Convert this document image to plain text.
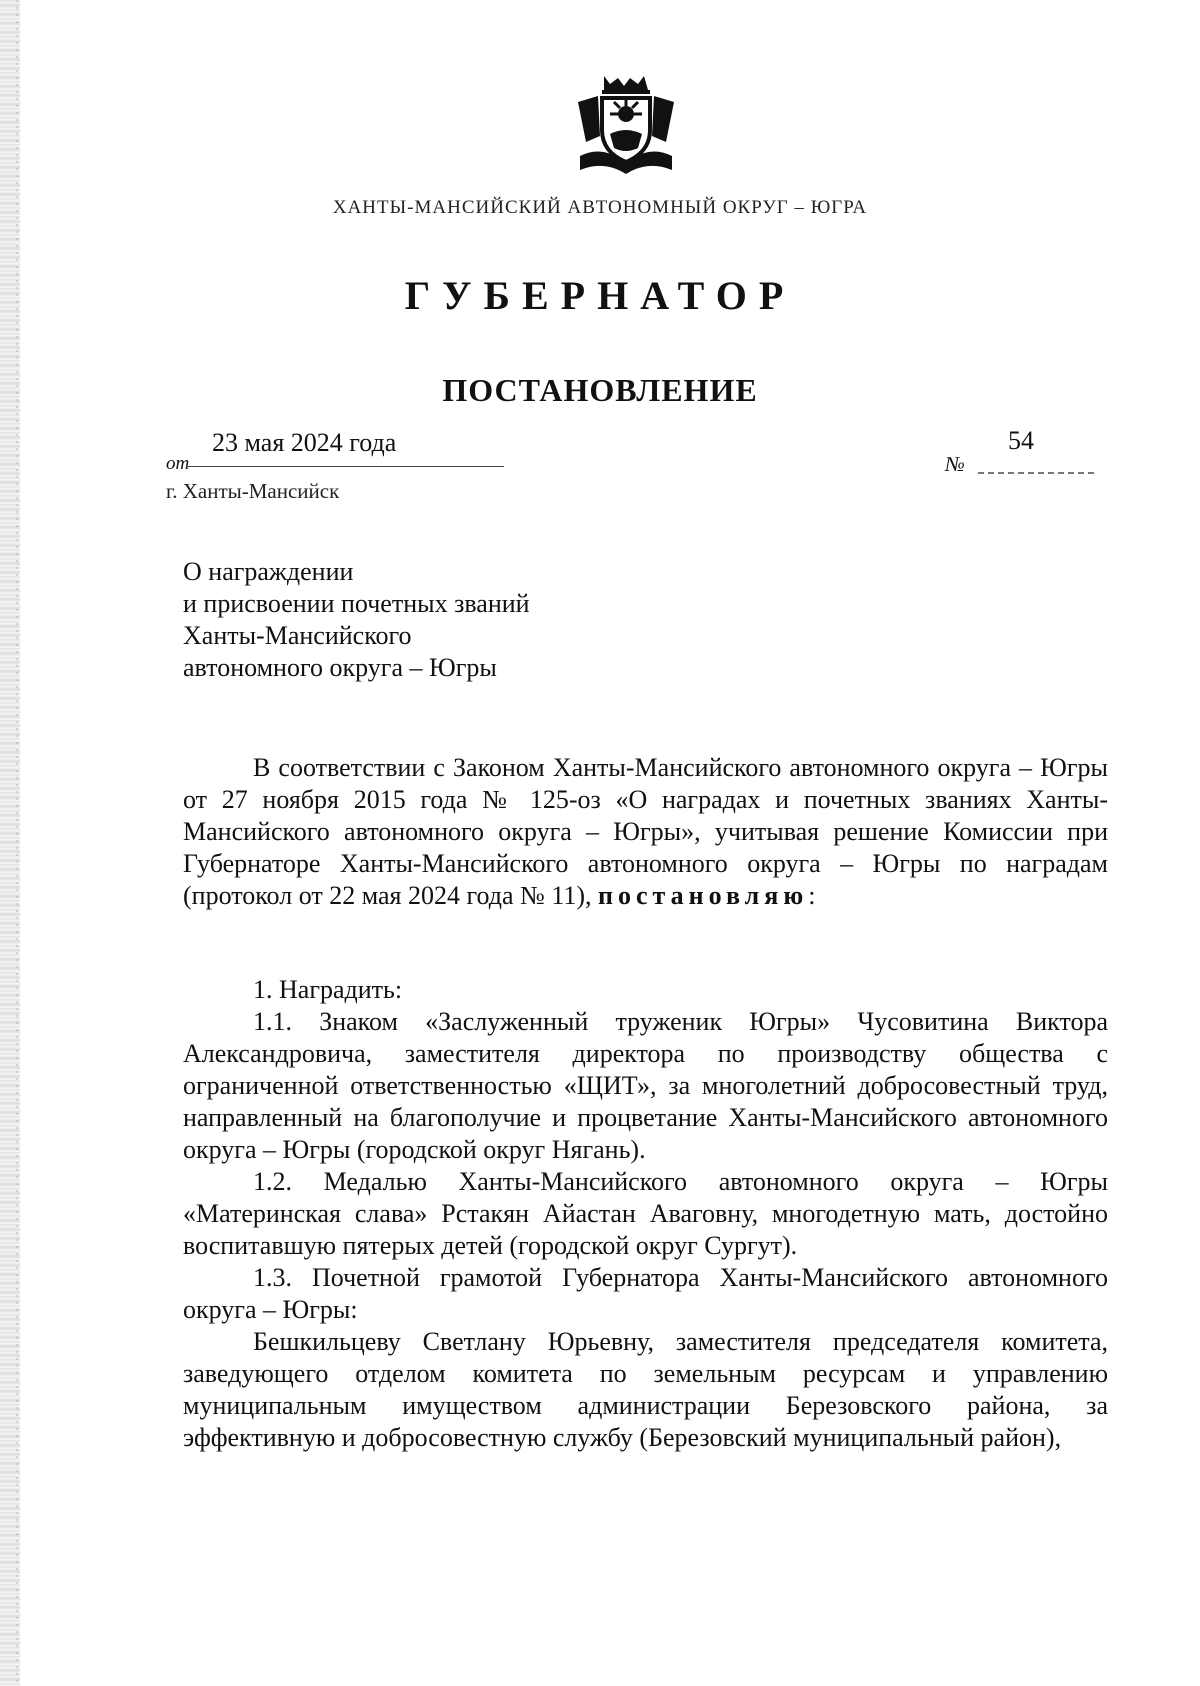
ХАНТЫ-МАНСИЙСКИЙ АВТОНОМНЫЙ ОКРУГ – ЮГРА
ГУБЕРНАТОР
ПОСТАНОВЛЕНИЕ
от
23 мая 2024 года
№
54
г. Ханты-Мансийск
О награждении
и присвоении почетных званий
Ханты-Мансийского
автономного округа – Югры

В соответствии с Законом Ханты-Мансийского автономного округа – Югры от 27 ноября 2015 года № 125-оз «О наградах и почетных званиях Ханты-Мансийского автономного округа – Югры», учитывая решение Комиссии при Губернаторе Ханты-Мансийского автономного округа – Югры по наградам (протокол от 22 мая 2024 года № 11), постановляю:

1. Наградить:

1.1. Знаком «Заслуженный труженик Югры» Чусовитина Виктора Александровича, заместителя директора по производству общества с ограниченной ответственностью «ЩИТ», за многолетний добросовестный труд, направленный на благополучие и процветание Ханты-Мансийского автономного округа – Югры (городской округ Нягань).

1.2. Медалью Ханты-Мансийского автономного округа – Югры «Материнская слава» Рстакян Айастан Аваговну, многодетную мать, достойно воспитавшую пятерых детей (городской округ Сургут).

1.3. Почетной грамотой Губернатора Ханты-Мансийского автономного округа – Югры:

Бешкильцеву Светлану Юрьевну, заместителя председателя комитета, заведующего отделом комитета по земельным ресурсам и управлению муниципальным имуществом администрации Березовского района, за эффективную и добросовестную службу (Березовский муниципальный район),
